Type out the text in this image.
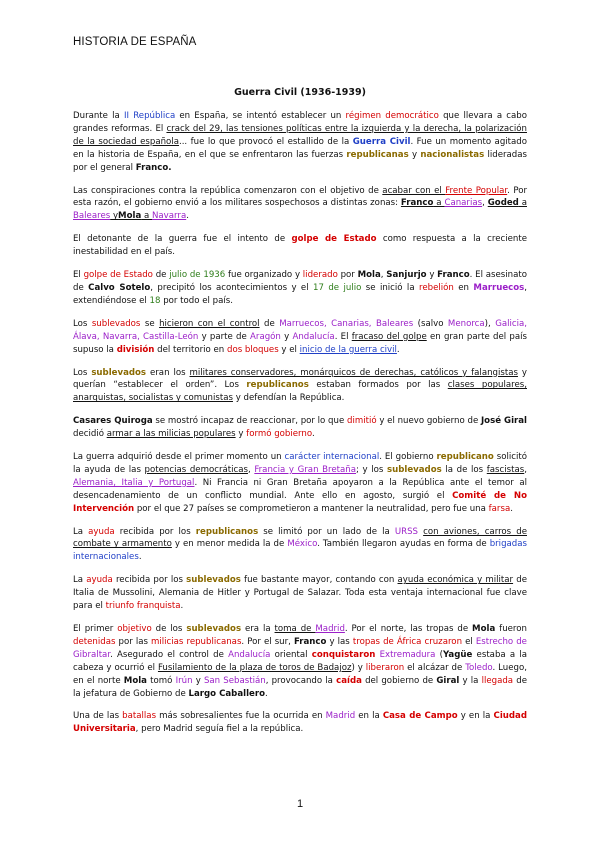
HISTORIA DE ESPAÑA
Guerra Civil (1936-1939)

Durante la II República en España, se intentó establecer un régimen democrático que llevara a cabo grandes reformas. El crack del 29, las tensiones políticas entre la izquierda y la derecha, la polarización de la sociedad española... fue lo que provocó el estallido de la Guerra Civil. Fue un momento agitado en la historia de España, en el que se enfrentaron las fuerzas republicanas y nacionalistas lideradas por el general Franco.

Las conspiraciones contra la república comenzaron con el objetivo de acabar con el Frente Popular. Por esta razón, el gobierno envió a los militares sospechosos a distintas zonas: Franco a Canarias, Goded a Baleares yMola a Navarra.

El detonante de la guerra fue el intento de golpe de Estado como respuesta a la creciente inestabilidad en el país.

El golpe de Estado de julio de 1936 fue organizado y liderado por Mola, Sanjurjo y Franco. El asesinato de Calvo Sotelo, precipitó los acontecimientos y el 17 de julio se inició la rebelión en Marruecos, extendiéndose el 18 por todo el país.

Los sublevados se hicieron con el control de Marruecos, Canarias, Baleares (salvo Menorca), Galicia, Álava, Navarra, Castilla-León y parte de Aragón y Andalucía. El fracaso del golpe en gran parte del país supuso la división del territorio en dos bloques y el inicio de la guerra civil.

Los sublevados eran los militares conservadores, monárquicos de derechas, católicos y falangistas y querían “establecer el orden”. Los republicanos estaban formados por las clases populares, anarquistas, socialistas y comunistas y defendían la República.

Casares Quiroga se mostró incapaz de reaccionar, por lo que dimitió y el nuevo gobierno de José Giral decidió armar a las milicias populares y formó gobierno.

La guerra adquirió desde el primer momento un carácter internacional. El gobierno republicano solicitó la ayuda de las potencias democráticas, Francia y Gran Bretaña; y los sublevados la de los fascistas, Alemania, Italia y Portugal. Ni Francia ni Gran Bretaña apoyaron a la República ante el temor al desencadenamiento de un conflicto mundial. Ante ello en agosto, surgió el Comité de No Intervención por el que 27 países se comprometieron a mantener la neutralidad, pero fue una farsa.

La ayuda recibida por los republicanos se limitó por un lado de la URSS con aviones, carros de combate y armamento y en menor medida la de México. También llegaron ayudas en forma de brigadas internacionales.

La ayuda recibida por los sublevados fue bastante mayor, contando con ayuda económica y militar de Italia de Mussolini, Alemania de Hitler y Portugal de Salazar. Toda esta ventaja internacional fue clave para el triunfo franquista.

El primer objetivo de los sublevados era la toma de Madrid. Por el norte, las tropas de Mola fueron detenidas por las milicias republicanas. Por el sur, Franco y las tropas de África cruzaron el Estrecho de Gibraltar. Asegurado el control de Andalucía oriental conquistaron Extremadura (Yagüe estaba a la cabeza y ocurrió el Fusilamiento de la plaza de toros de Badajoz) y liberaron el alcázar de Toledo. Luego, en el norte Mola tomó Irún y San Sebastián, provocando la caída del gobierno de Giral y la llegada de la jefatura de Gobierno de Largo Caballero.

Una de las batallas más sobresalientes fue la ocurrida en Madrid en la Casa de Campo y en la Ciudad Universitaria, pero Madrid seguía fiel a la república.

1
